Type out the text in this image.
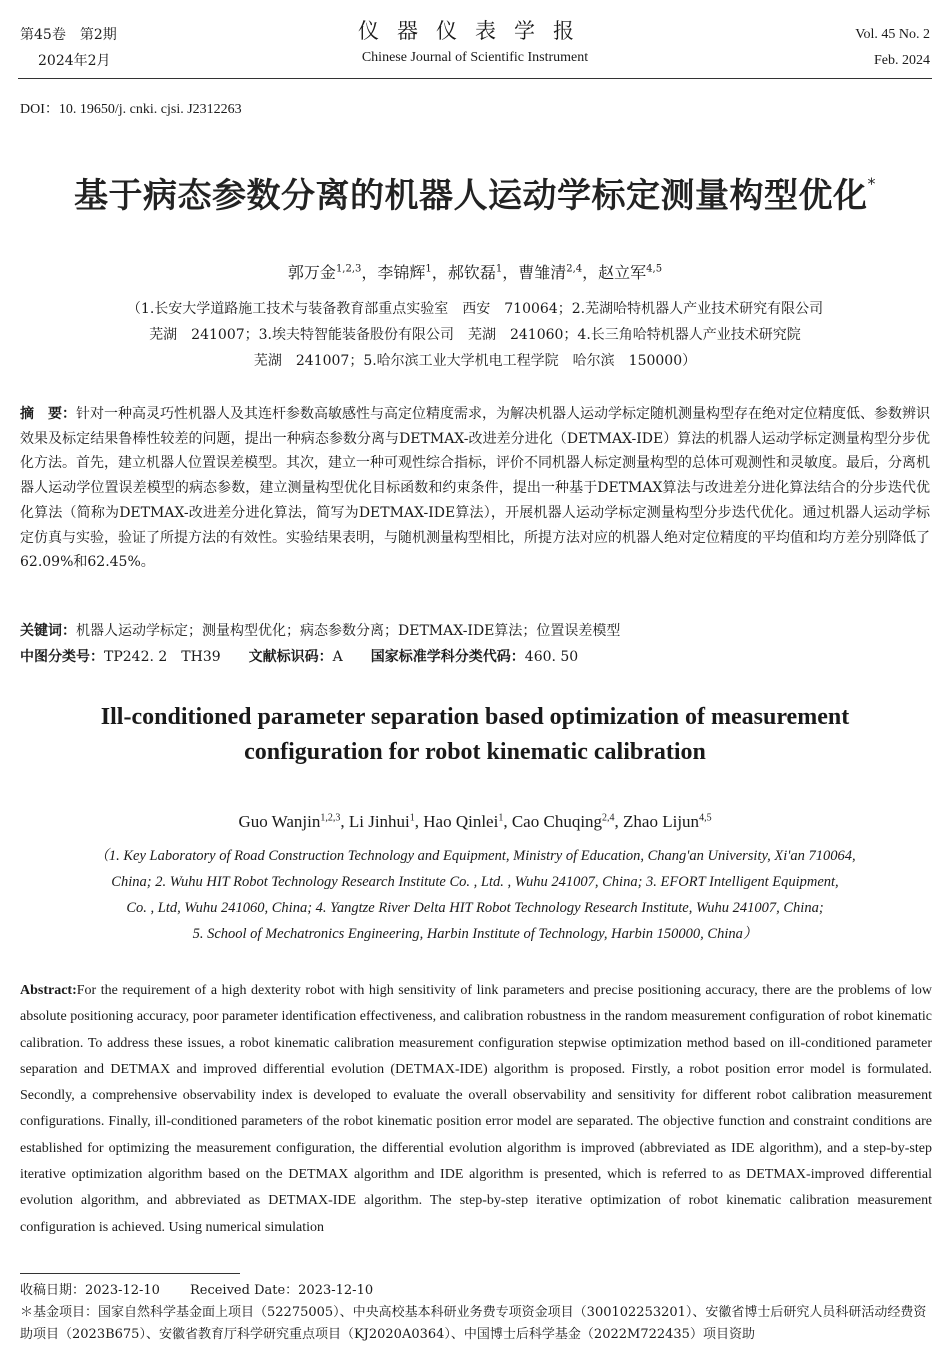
第45卷　第2期
2024年2月
仪器仪表学报
Chinese Journal of Scientific Instrument
Vol. 45 No. 2
Feb. 2024
DOI：10. 19650/j. cnki. cjsi. J2312263
基于病态参数分离的机器人运动学标定测量构型优化*
郭万金$^{1,2,3}$，李锦辉$^1$，郝钦磊$^1$，曹雏清$^{2,4}$，赵立军$^{4,5}$
（1.长安大学道路施工技术与装备教育部重点实验室　西安　710064；2.芜湖哈特机器人产业技术研究有限公司
芜湖　241007；3.埃夫特智能装备股份有限公司　芜湖　241060；4.长三角哈特机器人产业技术研究院
芜湖　241007；5.哈尔滨工业大学机电工程学院　哈尔滨　150000）
摘　要：针对一种高灵巧性机器人及其连杆参数高敏感性与高定位精度需求，为解决机器人运动学标定随机测量构型存在绝对定位精度低、参数辨识效果及标定结果鲁棒性较差的问题，提出一种病态参数分离与DETMAX-改进差分进化（DETMAX-IDE）算法的机器人运动学标定测量构型分步优化方法。首先，建立机器人位置误差模型。其次，建立一种可观性综合指标，评价不同机器人标定测量构型的总体可观测性和灵敏度。最后，分离机器人运动学位置误差模型的病态参数，建立测量构型优化目标函数和约束条件，提出一种基于DETMAX算法与改进差分进化算法结合的分步迭代优化算法（简称为DETMAX-改进差分进化算法，简写为DETMAX-IDE算法），开展机器人运动学标定测量构型分步迭代优化。通过机器人运动学标定仿真与实验，验证了所提方法的有效性。实验结果表明，与随机测量构型相比，所提方法对应的机器人绝对定位精度的平均值和均方差分别降低了62.09%和62.45%。
关键词：机器人运动学标定；测量构型优化；病态参数分离；DETMAX-IDE算法；位置误差模型
中图分类号：TP242. 2　TH39 文献标识码：A 国家标准学科分类代码：460. 50
Ill-conditioned parameter separation based optimization of measurement
configuration for robot kinematic calibration
Guo Wanjin$^{1,2,3}$, Li Jinhui$^1$, Hao Qinlei$^1$, Cao Chuqing$^{2,4}$, Zhao Lijun$^{4,5}$
（1. Key Laboratory of Road Construction Technology and Equipment, Ministry of Education, Chang'an University, Xi'an 710064,
China; 2. Wuhu HIT Robot Technology Research Institute Co. , Ltd. , Wuhu 241007, China; 3. EFORT Intelligent Equipment,
Co. , Ltd, Wuhu 241060, China; 4. Yangtze River Delta HIT Robot Technology Research Institute, Wuhu 241007, China;
5. School of Mechatronics Engineering, Harbin Institute of Technology, Harbin 150000, China）
Abstract:For the requirement of a high dexterity robot with high sensitivity of link parameters and precise positioning accuracy, there are the problems of low absolute positioning accuracy, poor parameter identification effectiveness, and calibration robustness in the random measurement configuration of robot kinematic calibration. To address these issues, a robot kinematic calibration measurement configuration stepwise optimization method based on ill-conditioned parameter separation and DETMAX and improved differential evolution (DETMAX-IDE) algorithm is proposed. Firstly, a robot position error model is formulated. Secondly, a comprehensive observability index is developed to evaluate the overall observability and sensitivity for different robot calibration measurement configurations. Finally, ill-conditioned parameters of the robot kinematic position error model are separated. The objective function and constraint conditions are established for optimizing the measurement configuration, the differential evolution algorithm is improved (abbreviated as IDE algorithm), and a step-by-step iterative optimization algorithm based on the DETMAX algorithm and IDE algorithm is presented, which is referred to as DETMAX-improved differential evolution algorithm, and abbreviated as DETMAX-IDE algorithm. The step-by-step iterative optimization of robot kinematic calibration measurement configuration is achieved. Using numerical simulation
收稿日期：2023-12-10 Received Date：2023-12-10
＊基金项目：国家自然科学基金面上项目（52275005）、中央高校基本科研业务费专项资金项目（300102253201）、安徽省博士后研究人员科研活动经费资助项目（2023B675）、安徽省教育厅科学研究重点项目（KJ2020A0364）、中国博士后科学基金（2022M722435）项目资助
